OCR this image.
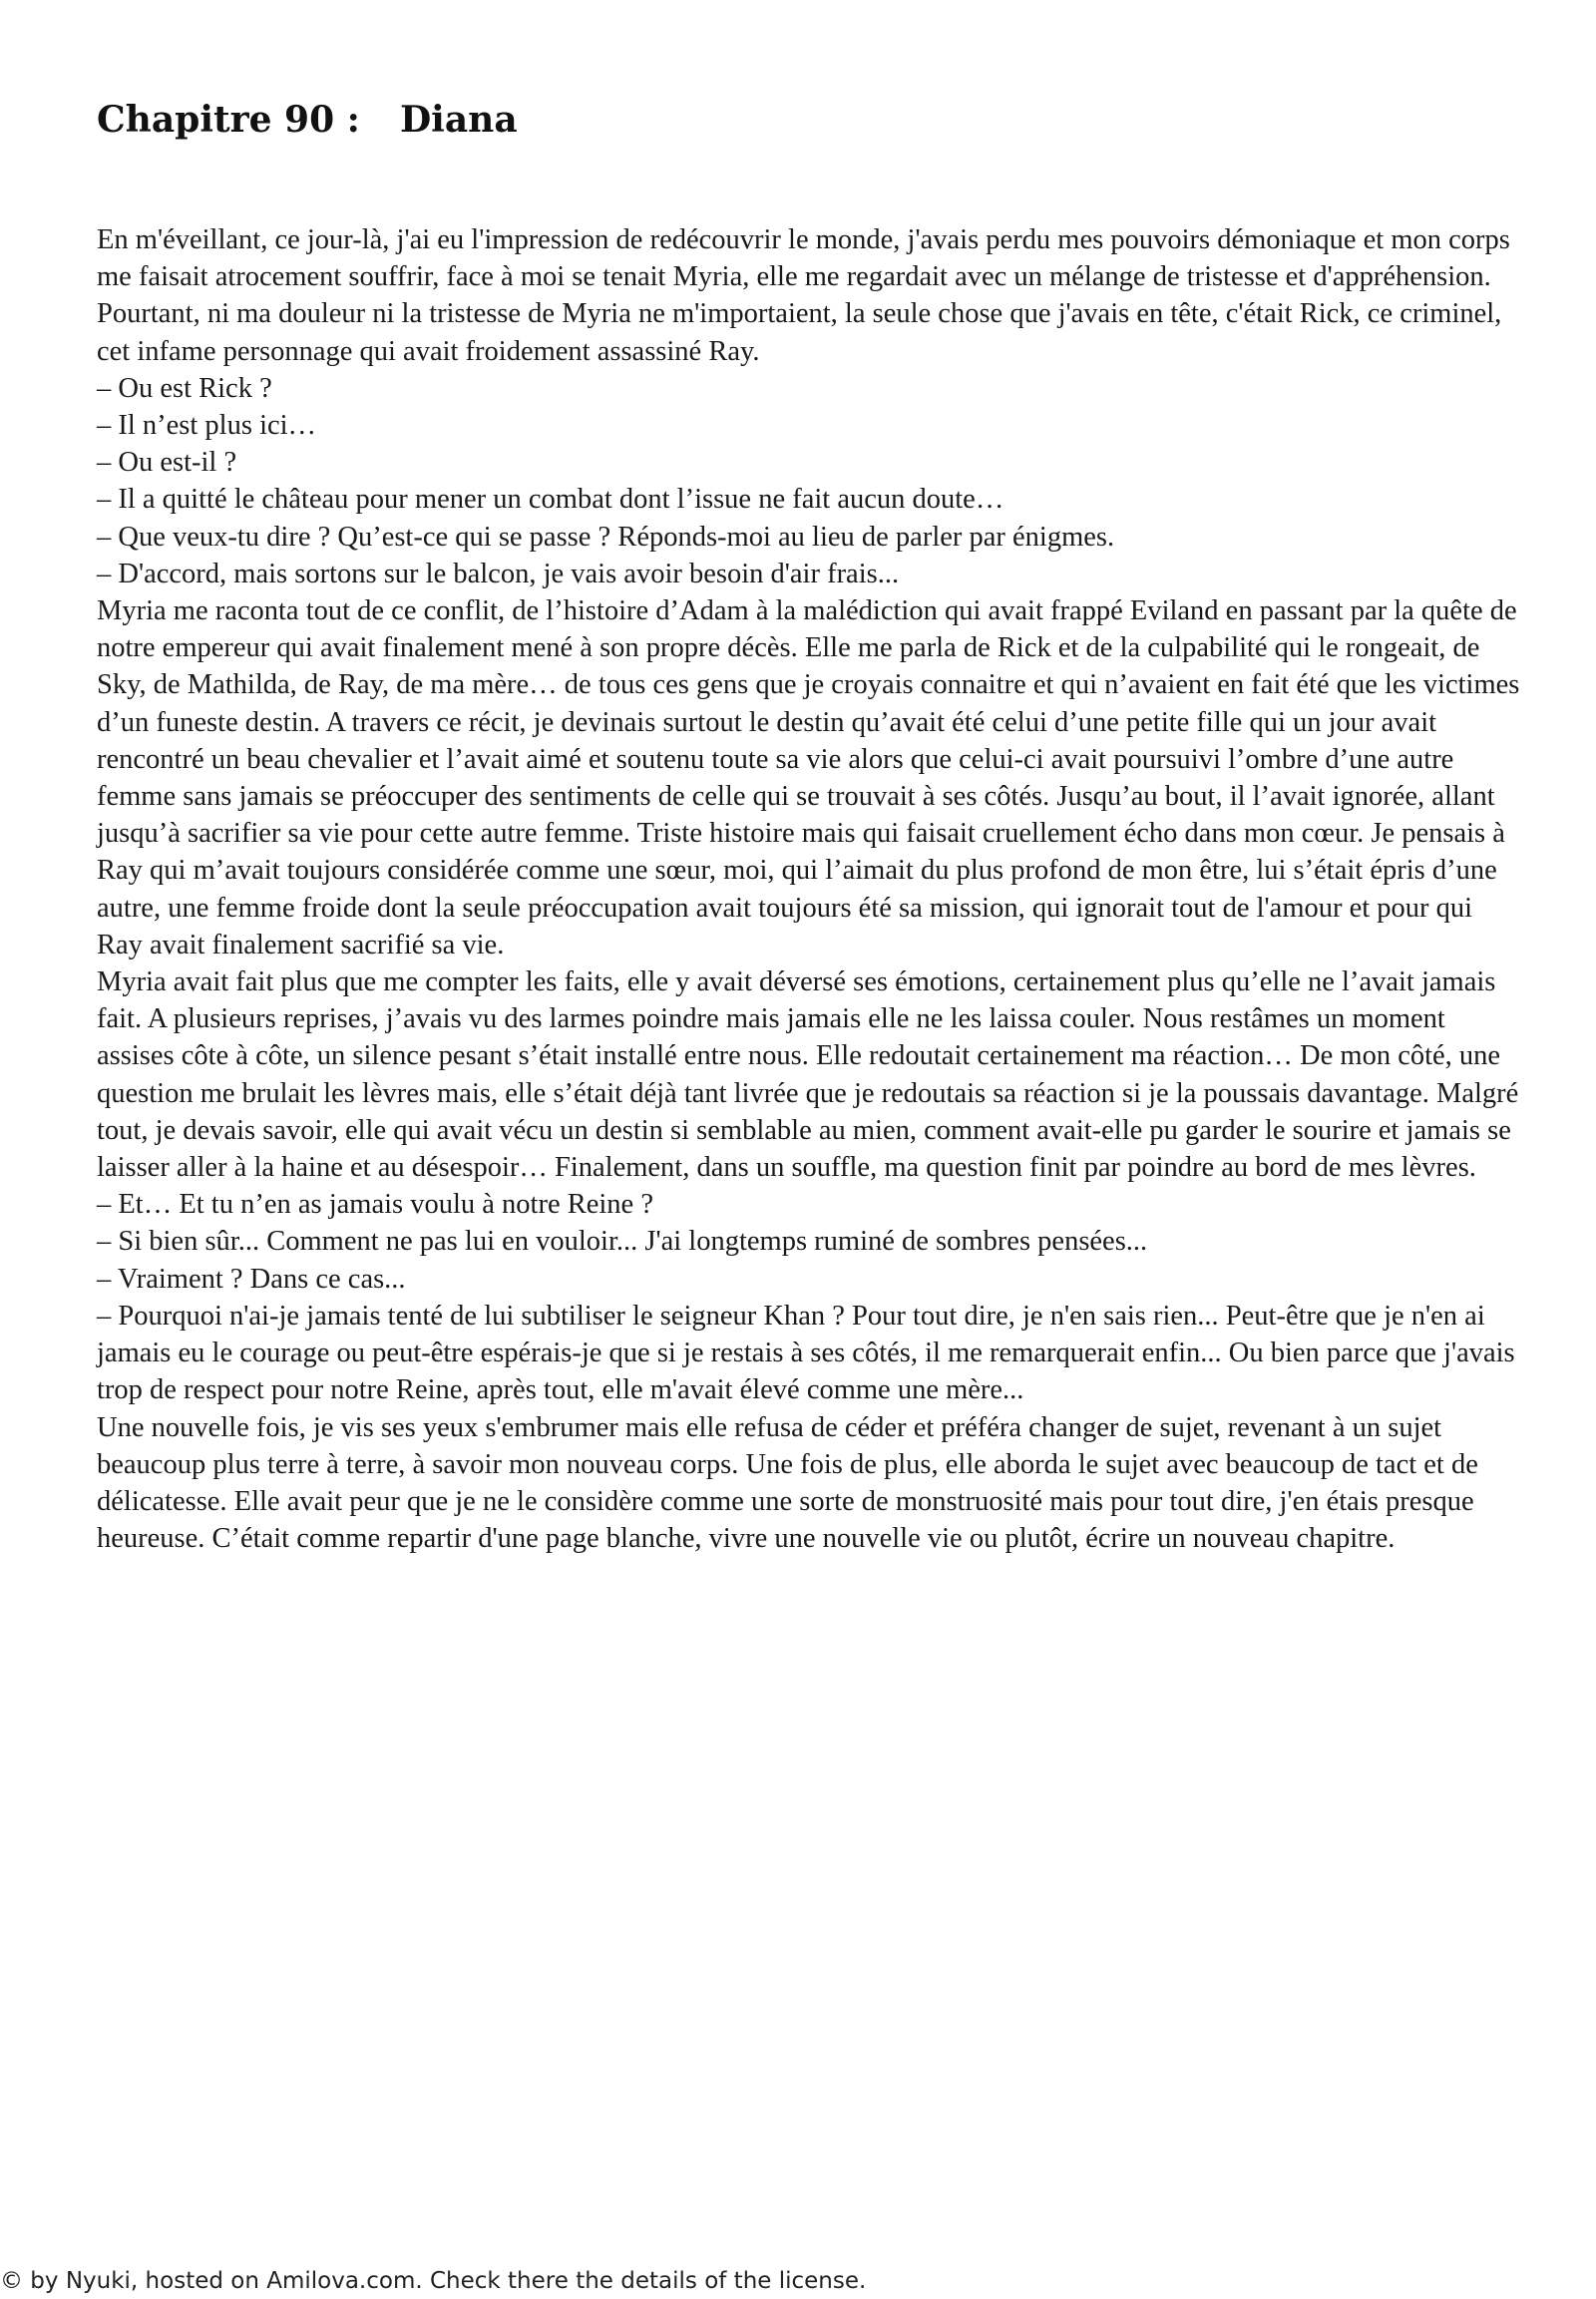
Chapitre 90 : Diana

En m'éveillant, ce jour-là, j'ai eu l'impression de redécouvrir le monde, j'avais perdu mes pouvoirs démoniaque et mon corps me faisait atrocement souffrir, face à moi se tenait Myria, elle me regardait avec un mélange de tristesse et d'appréhension. Pourtant, ni ma douleur ni la tristesse de Myria ne m'importaient, la seule chose que j'avais en tête, c'était Rick, ce criminel, cet infame personnage qui avait froidement assassiné Ray.

– Ou est Rick ?

– Il n’est plus ici…

– Ou est-il ?

– Il a quitté le château pour mener un combat dont l’issue ne fait aucun doute…

– Que veux-tu dire ? Qu’est-ce qui se passe ? Réponds-moi au lieu de parler par énigmes.

– D'accord, mais sortons sur le balcon, je vais avoir besoin d'air frais...

Myria me raconta tout de ce conflit, de l’histoire d’Adam à la malédiction qui avait frappé Eviland en passant par la quête de notre empereur qui avait finalement mené à son propre décès. Elle me parla de Rick et de la culpabilité qui le rongeait, de Sky, de Mathilda, de Ray, de ma mère… de tous ces gens que je croyais connaitre et qui n’avaient en fait été que les victimes d’un funeste destin. A travers ce récit, je devinais surtout le destin qu’avait été celui d’une petite fille qui un jour avait rencontré un beau chevalier et l’avait aimé et soutenu toute sa vie alors que celui-ci avait poursuivi l’ombre d’une autre femme sans jamais se préoccuper des sentiments de celle qui se trouvait à ses côtés. Jusqu’au bout, il l’avait ignorée, allant jusqu’à sacrifier sa vie pour cette autre femme. Triste histoire mais qui faisait cruellement écho dans mon cœur. Je pensais à Ray qui m’avait toujours considérée comme une sœur, moi, qui l’aimait du plus profond de mon être, lui s’était épris d’une autre, une femme froide dont la seule préoccupation avait toujours été sa mission, qui ignorait tout de l'amour et pour qui Ray avait finalement sacrifié sa vie.

Myria avait fait plus que me compter les faits, elle y avait déversé ses émotions, certainement plus qu’elle ne l’avait jamais fait. A plusieurs reprises, j’avais vu des larmes poindre mais jamais elle ne les laissa couler. Nous restâmes un moment assises côte à côte, un silence pesant s’était installé entre nous. Elle redoutait certainement ma réaction… De mon côté, une question me brulait les lèvres mais, elle s’était déjà tant livrée que je redoutais sa réaction si je la poussais davantage. Malgré tout, je devais savoir, elle qui avait vécu un destin si semblable au mien, comment avait-elle pu garder le sourire et jamais se laisser aller à la haine et au désespoir… Finalement, dans un souffle, ma question finit par poindre au bord de mes lèvres.

– Et… Et tu n’en as jamais voulu à notre Reine ?

– Si bien sûr... Comment ne pas lui en vouloir... J'ai longtemps ruminé de sombres pensées...

– Vraiment ? Dans ce cas...

– Pourquoi n'ai-je jamais tenté de lui subtiliser le seigneur Khan ? Pour tout dire, je n'en sais rien... Peut-être que je n'en ai jamais eu le courage ou peut-être espérais-je que si je restais à ses côtés, il me remarquerait enfin... Ou bien parce que j'avais trop de respect pour notre Reine, après tout, elle m'avait élevé comme une mère...

Une nouvelle fois, je vis ses yeux s'embrumer mais elle refusa de céder et préféra changer de sujet, revenant à un sujet beaucoup plus terre à terre, à savoir mon nouveau corps. Une fois de plus, elle aborda le sujet avec beaucoup de tact et de délicatesse. Elle avait peur que je ne le considère comme une sorte de monstruosité mais pour tout dire, j'en étais presque heureuse. C’était comme repartir d'une page blanche, vivre une nouvelle vie ou plutôt, écrire un nouveau chapitre.

© by Nyuki, hosted on Amilova.com. Check there the details of the license.
